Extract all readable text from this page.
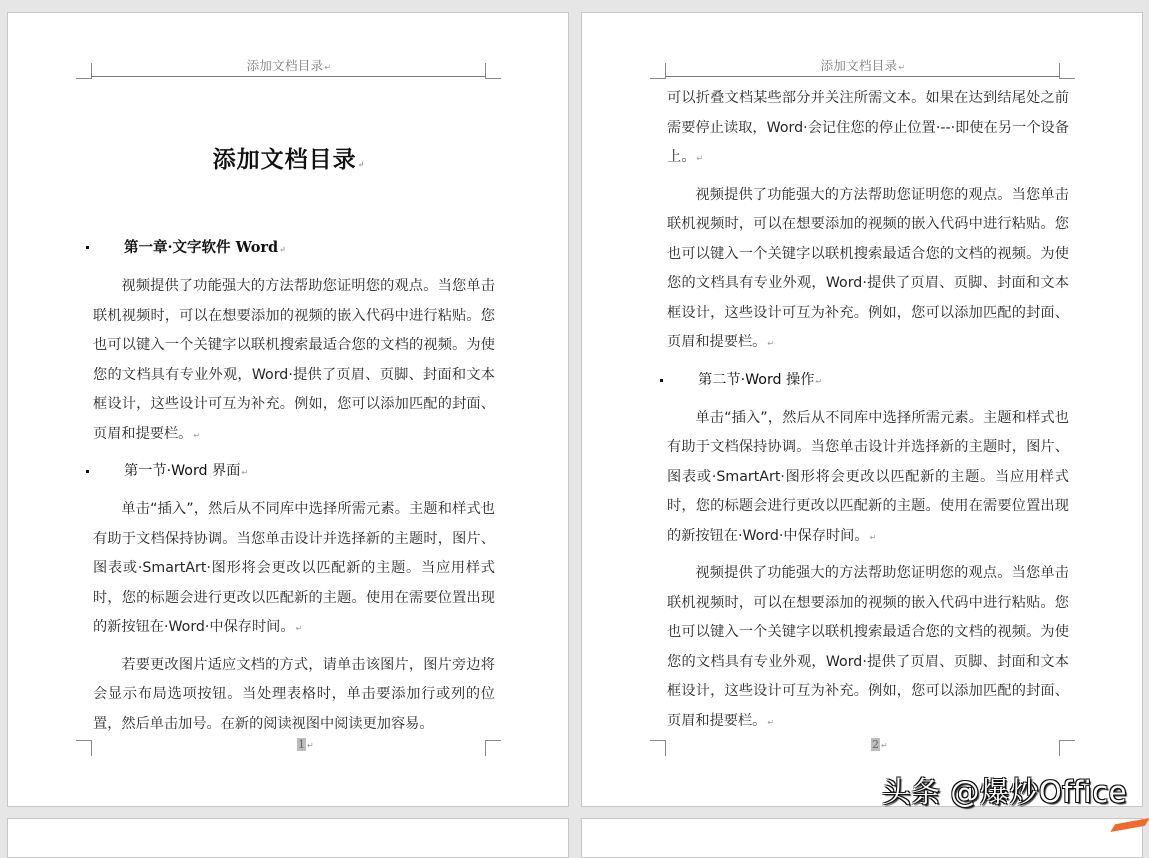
添加文档目录↵
添加文档目录↵
第一章·文字软件 Word↵

视频提供了功能强大的方法帮助您证明您的观点。当您单击联机视频时，可以在想要添加的视频的嵌入代码中进行粘贴。您也可以键入一个关键字以联机搜索最适合您的文档的视频。为使您的文档具有专业外观，Word·提供了页眉、页脚、封面和文本框设计，这些设计可互为补充。例如，您可以添加匹配的封面、页眉和提要栏。↵

第一节·Word 界面↵

单击“插入”，然后从不同库中选择所需元素。主题和样式也有助于文档保持协调。当您单击设计并选择新的主题时，图片、图表或·SmartArt·图形将会更改以匹配新的主题。当应用样式时，您的标题会进行更改以匹配新的主题。使用在需要位置出现的新按钮在·Word·中保存时间。↵

若要更改图片适应文档的方式，请单击该图片，图片旁边将会显示布局选项按钮。当处理表格时，单击要添加行或列的位置，然后单击加号。在新的阅读视图中阅读更加容易。

1 ↵
添加文档目录↵

可以折叠文档某些部分并关注所需文本。如果在达到结尾处之前需要停止读取，Word·会记住您的停止位置·--·即使在另一个设备上。↵

视频提供了功能强大的方法帮助您证明您的观点。当您单击联机视频时，可以在想要添加的视频的嵌入代码中进行粘贴。您也可以键入一个关键字以联机搜索最适合您的文档的视频。为使您的文档具有专业外观，Word·提供了页眉、页脚、封面和文本框设计，这些设计可互为补充。例如，您可以添加匹配的封面、页眉和提要栏。↵

第二节·Word 操作↵

单击“插入”，然后从不同库中选择所需元素。主题和样式也有助于文档保持协调。当您单击设计并选择新的主题时，图片、图表或·SmartArt·图形将会更改以匹配新的主题。当应用样式时，您的标题会进行更改以匹配新的主题。使用在需要位置出现的新按钮在·Word·中保存时间。↵

视频提供了功能强大的方法帮助您证明您的观点。当您单击联机视频时，可以在想要添加的视频的嵌入代码中进行粘贴。您也可以键入一个关键字以联机搜索最适合您的文档的视频。为使您的文档具有专业外观，Word·提供了页眉、页脚、封面和文本框设计，这些设计可互为补充。例如，您可以添加匹配的封面、页眉和提要栏。↵

2 ↵
头条 @爆炒Office
